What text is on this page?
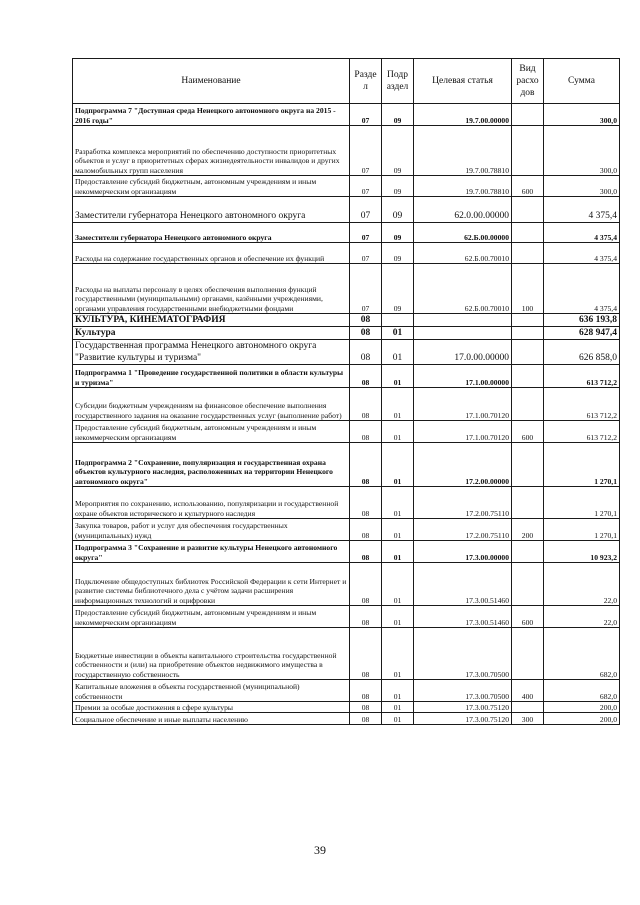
Наименование	Разде л	Подр аздел	Целевая статья	Вид расхо дов	Сумма
Подпрограмма 7 "Доступная среда Ненецкого автономного округа на 2015 - 2016 годы"	07	09	19.7.00.00000		300,0
Разработка комплекса мероприятий по обеспечению доступности приоритетных объектов и услуг в приоритетных сферах жизнедеятельности инвалидов и других маломобильных групп населения	07	09	19.7.00.78810		300,0
Предоставление субсидий бюджетным, автономным учреждениям и иным некоммерческим организациям	07	09	19.7.00.78810	600	300,0
Заместители губернатора Ненецкого автономного округа	07	09	62.0.00.00000		4 375,4
Заместители губернатора Ненецкого автономного округа	07	09	62.Б.00.00000		4 375,4
Расходы на содержание государственных органов и обеспечение их функций	07	09	62.Б.00.70010		4 375,4
Расходы на выплаты персоналу в целях обеспечения выполнения функций государственными (муниципальными) органами, казёнными учреждениями, органами управления государственными внебюджетными фондами	07	09	62.Б.00.70010	100	4 375,4
КУЛЬТУРА, КИНЕМАТОГРАФИЯ	08				636 193,8
Культура	08	01			628 947,4
Государственная программа Ненецкого автономного округа "Развитие культуры и туризма"	08	01	17.0.00.00000		626 858,0
Подпрограмма 1 "Проведение государственной политики в области культуры и туризма"	08	01	17.1.00.00000		613 712,2
Субсидии бюджетным учреждениям на финансовое обеспечение выполнения государственного задания на оказание государственных услуг (выполнение работ)	08	01	17.1.00.70120		613 712,2
Предоставление субсидий бюджетным, автономным учреждениям и иным некоммерческим организациям	08	01	17.1.00.70120	600	613 712,2
Подпрограмма 2 "Сохранение, популяризация и государственная охрана объектов культурного наследия, расположенных на территории Ненецкого автономного округа"	08	01	17.2.00.00000		1 270,1
Мероприятия по сохранению, использованию, популяризации и государственной охране объектов исторического и культурного наследия	08	01	17.2.00.75110		1 270,1
Закупка товаров, работ и услуг для обеспечения государственных (муниципальных) нужд	08	01	17.2.00.75110	200	1 270,1
Подпрограмма 3 "Сохранение и развитие культуры Ненецкого автономного округа"	08	01	17.3.00.00000		10 923,2
Подключение общедоступных библиотек Российской Федерации к сети Интернет и развитие системы библиотечного дела с учётом задачи расширения информационных технологий и оцифровки	08	01	17.3.00.51460		22,0
Предоставление субсидий бюджетным, автономным учреждениям и иным некоммерческим организациям	08	01	17.3.00.51460	600	22,0
Бюджетные инвестиции в объекты капитального строительства государственной собственности и (или) на приобретение объектов недвижимого имущества в государственную собственность	08	01	17.3.00.70500		682,0
Капитальные вложения в объекты государственной (муниципальной) собственности	08	01	17.3.00.70500	400	682,0
Премии за особые достижения в сфере культуры	08	01	17.3.00.75120		200,0
Социальное обеспечение и иные выплаты населению	08	01	17.3.00.75120	300	200,0
39
